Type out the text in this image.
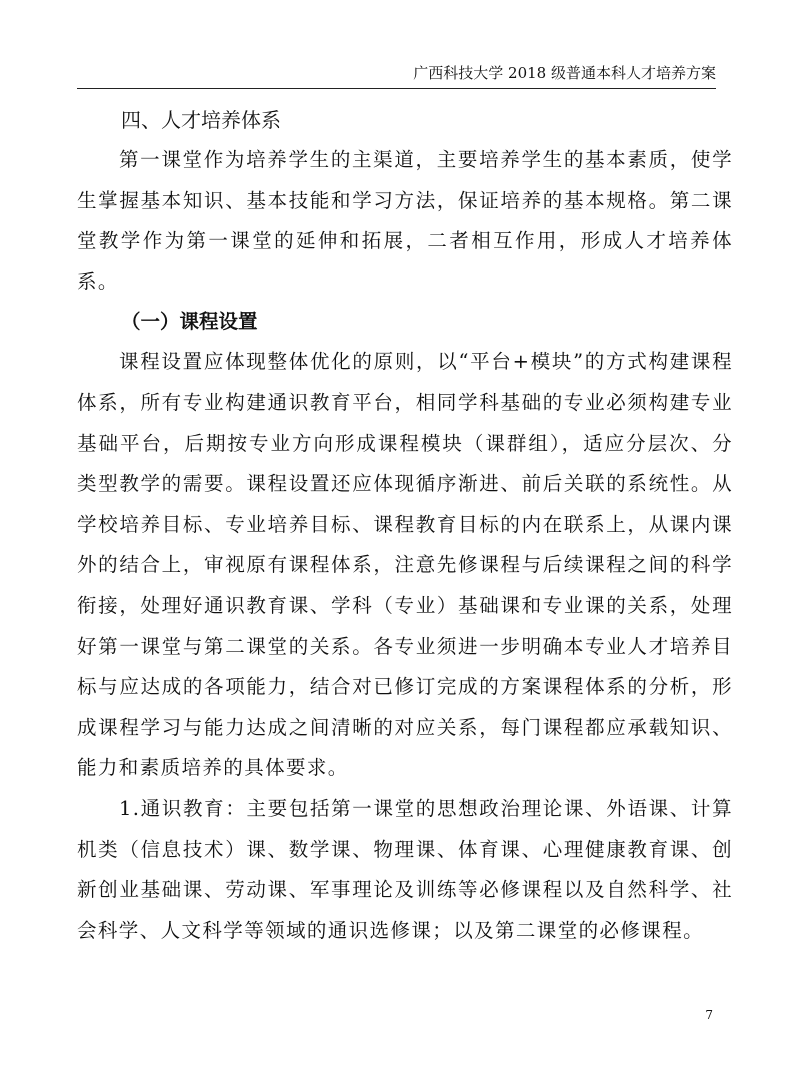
广西科技大学 2018 级普通本科人才培养方案
四、人才培养体系

第一课堂作为培养学生的主渠道，主要培养学生的基本素质，使学生掌握基本知识、基本技能和学习方法，保证培养的基本规格。第二课堂教学作为第一课堂的延伸和拓展，二者相互作用，形成人才培养体系。

（一）课程设置

课程设置应体现整体优化的原则，以“平台+模块”的方式构建课程体系，所有专业构建通识教育平台，相同学科基础的专业必须构建专业基础平台，后期按专业方向形成课程模块（课群组），适应分层次、分类型教学的需要。课程设置还应体现循序渐进、前后关联的系统性。从学校培养目标、专业培养目标、课程教育目标的内在联系上，从课内课外的结合上，审视原有课程体系，注意先修课程与后续课程之间的科学衔接，处理好通识教育课、学科（专业）基础课和专业课的关系，处理好第一课堂与第二课堂的关系。各专业须进一步明确本专业人才培养目标与应达成的各项能力，结合对已修订完成的方案课程体系的分析，形成课程学习与能力达成之间清晰的对应关系，每门课程都应承载知识、能力和素质培养的具体要求。

1.通识教育：主要包括第一课堂的思想政治理论课、外语课、计算机类（信息技术）课、数学课、物理课、体育课、心理健康教育课、创新创业基础课、劳动课、军事理论及训练等必修课程以及自然科学、社会科学、人文科学等领域的通识选修课；以及第二课堂的必修课程。

7
